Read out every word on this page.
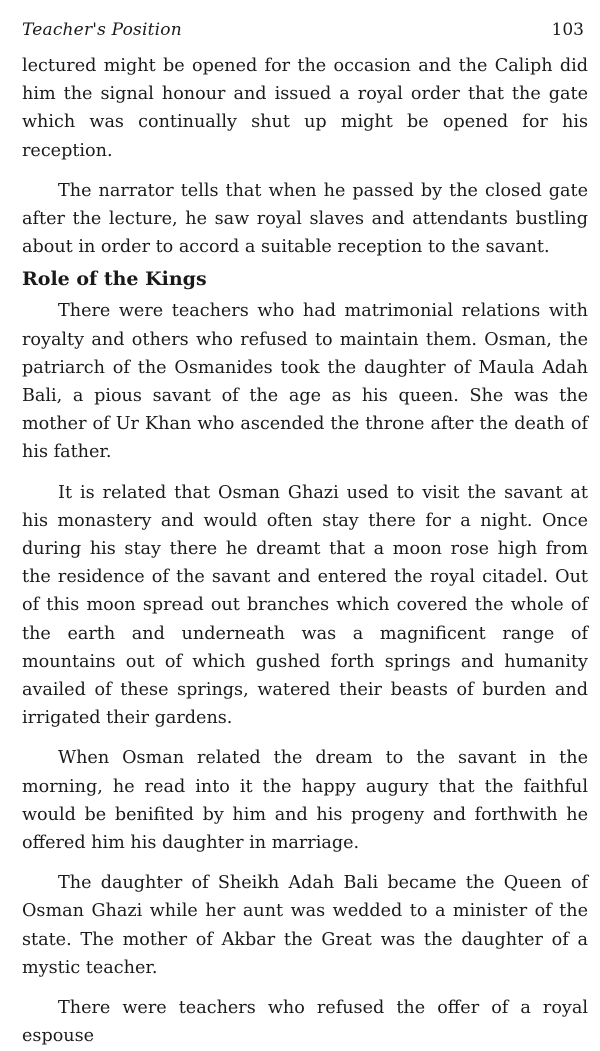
Teacher's Position	103

lectured might be opened for the occasion and the Caliph did him the signal honour and issued a royal order that the gate which was continually shut up might be opened for his reception.

The narrator tells that when he passed by the closed gate after the lecture, he saw royal slaves and attendants bustling about in order to accord a suitable reception to the savant.

Role of the Kings

There were teachers who had matrimonial relations with royalty and others who refused to maintain them. Osman, the patriarch of the Osmanides took the daughter of Maula Adah Bali, a pious savant of the age as his queen. She was the mother of Ur Khan who ascended the throne after the death of his father.

It is related that Osman Ghazi used to visit the savant at his monastery and would often stay there for a night. Once during his stay there he dreamt that a moon rose high from the residence of the savant and entered the royal citadel. Out of this moon spread out branches which covered the whole of the earth and underneath was a magnificent range of mountains out of which gushed forth springs and humanity availed of these springs, watered their beasts of burden and irrigated their gardens.

When Osman related the dream to the savant in the morning, he read into it the happy augury that the faithful would be benifited by him and his progeny and forthwith he offered him his daughter in marriage.

The daughter of Sheikh Adah Bali became the Queen of Osman Ghazi while her aunt was wedded to a minister of the state. The mother of Akbar the Great was the daughter of a mystic teacher.

There were teachers who refused the offer of a royal espouse
